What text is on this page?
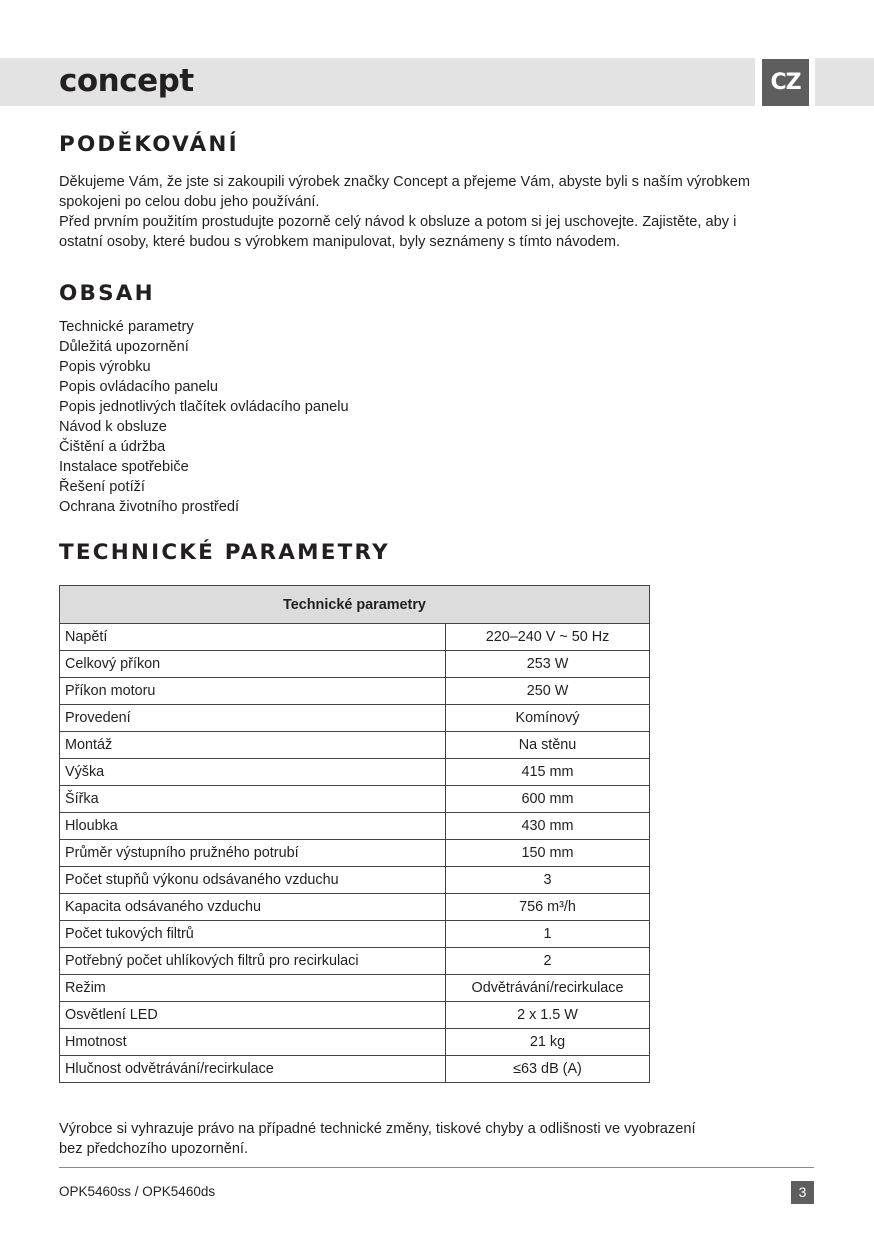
concept	CZ
PODĚKOVÁNÍ
Děkujeme Vám, že jste si zakoupili výrobek značky Concept a přejeme Vám, abyste byli s naším výrobkem
spokojeni po celou dobu jeho používání.
Před prvním použitím prostudujte pozorně celý návod k obsluze a potom si jej uschovejte. Zajistěte, aby i
ostatní osoby, které budou s výrobkem manipulovat, byly seznámeny s tímto návodem.
OBSAH
Technické parametry
Důležitá upozornění
Popis výrobku
Popis ovládacího panelu
Popis jednotlivých tlačítek ovládacího panelu
Návod k obsluze
Čištění a údržba
Instalace spotřebiče
Řešení potíží
Ochrana životního prostředí
TECHNICKÉ PARAMETRY
Technické parametry	
Napětí	220–240 V ~ 50 Hz
Celkový příkon	253 W
Příkon motoru	250 W
Provedení	Komínový
Montáž	Na stěnu
Výška	415 mm
Šířka	600 mm
Hloubka	430 mm
Průměr výstupního pružného potrubí	150 mm
Počet stupňů výkonu odsávaného vzduchu	3
Kapacita odsávaného vzduchu	756 m³/h
Počet tukových filtrů	1
Potřebný počet uhlíkových filtrů pro recirkulaci	2
Režim	Odvětrávání/recirkulace
Osvětlení LED	2 x 1.5 W
Hmotnost	21 kg
Hlučnost odvětrávání/recirkulace	≤63 dB (A)
Výrobce si vyhrazuje právo na případné technické změny, tiskové chyby a odlišnosti ve vyobrazení
bez předchozího upozornění.
OPK5460ss / OPK5460ds	3
